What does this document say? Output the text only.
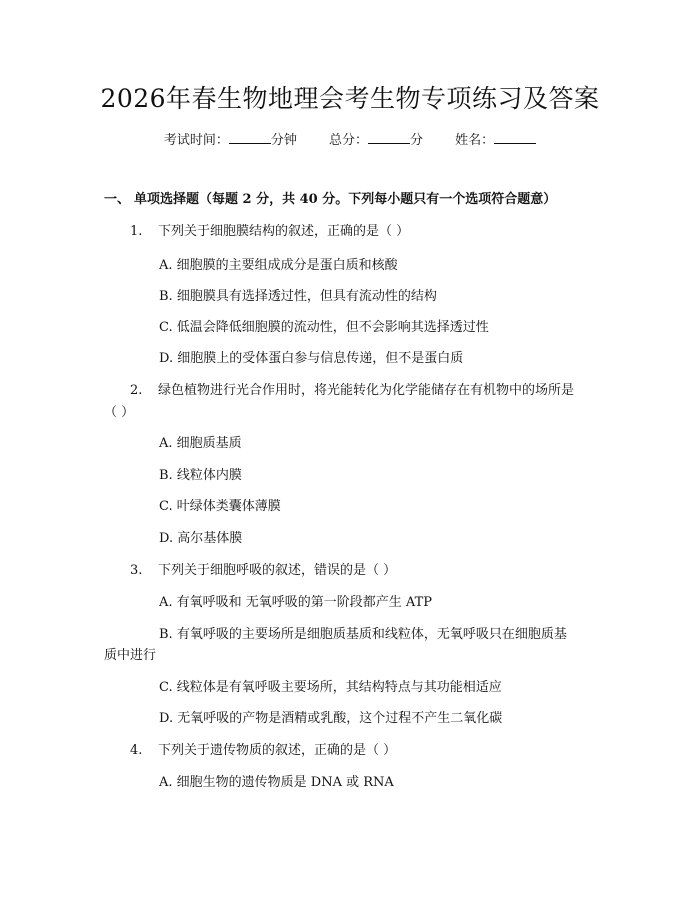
2026年春生物地理会考生物专项练习及答案
考试时间：	分钟 总分：	分 姓名：
一、 单项选择题（每题 2 分，共 40 分。下列每小题只有一个选项符合题意）
1. 下列关于细胞膜结构的叙述，正确的是（ ）
A. 细胞膜的主要组成成分是蛋白质和核酸
B. 细胞膜具有选择透过性，但具有流动性的结构
C. 低温会降低细胞膜的流动性，但不会影响其选择透过性
D. 细胞膜上的受体蛋白参与信息传递，但不是蛋白质
2. 绿色植物进行光合作用时，将光能转化为化学能储存在有机物中的场所是
（ ）
A. 细胞质基质
B. 线粒体内膜
C. 叶绿体类囊体薄膜
D. 高尔基体膜
3. 下列关于细胞呼吸的叙述，错误的是（ ）
A. 有氧呼吸和 无氧呼吸的第一阶段都产生 ATP
B. 有氧呼吸的主要场所是细胞质基质和线粒体，无氧呼吸只在细胞质基
质中进行
C. 线粒体是有氧呼吸主要场所，其结构特点与其功能相适应
D. 无氧呼吸的产物是酒精或乳酸，这个过程不产生二氧化碳
4. 下列关于遗传物质的叙述，正确的是（ ）
A. 细胞生物的遗传物质是 DNA 或 RNA
